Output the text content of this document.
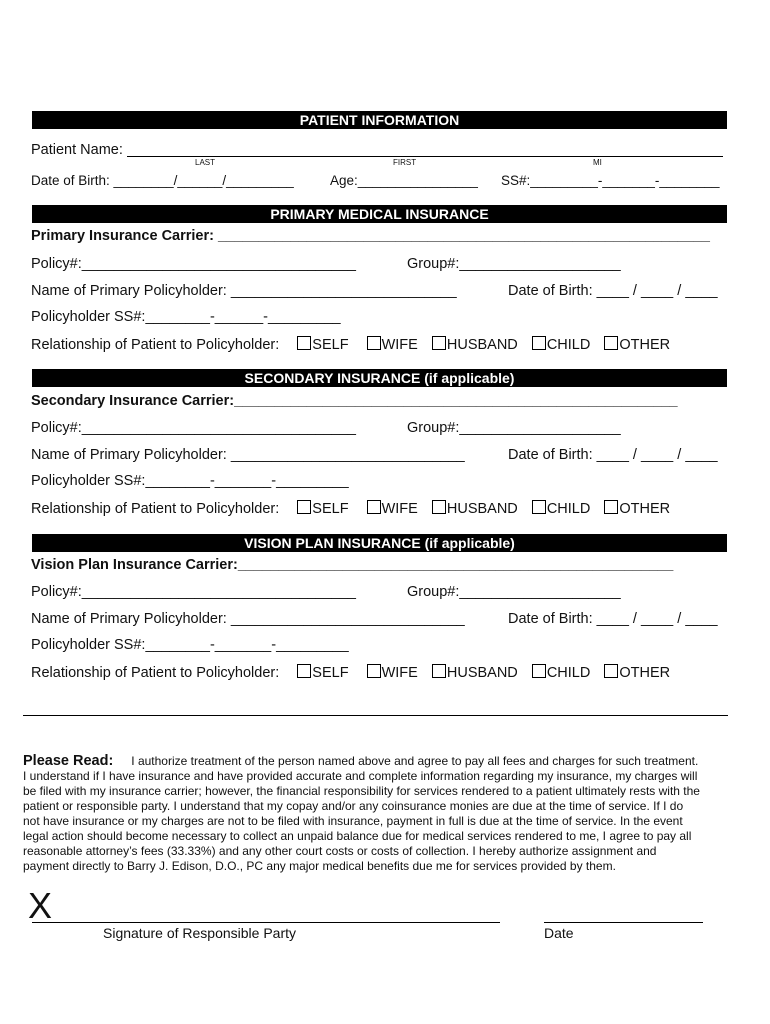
PATIENT INFORMATION
Patient Name:
LAST	FIRST	MI
Date of Birth: ________/______/_________	Age:________________ SS#:_________-_______-________
PRIMARY MEDICAL INSURANCE
Primary Insurance Carrier: _____________________________________________________________
Policy#:__________________________________	Group#:____________________
Name of Primary Policyholder: ____________________________	Date of Birth: ____ / ____ / ____
Policyholder SS#:________-______-_________
Relationship of Patient to Policyholder: SELF WIFE HUSBAND CHILD OTHER
SECONDARY INSURANCE (if applicable)
Secondary Insurance Carrier:_______________________________________________________
Policy#:__________________________________	Group#:____________________
Name of Primary Policyholder: _____________________________	Date of Birth: ____ / ____ / ____
Policyholder SS#:________-_______-_________
Relationship of Patient to Policyholder: SELF WIFE HUSBAND CHILD OTHER
VISION PLAN INSURANCE (if applicable)
Vision Plan Insurance Carrier:______________________________________________________
Policy#:__________________________________	Group#:____________________
Name of Primary Policyholder: _____________________________	Date of Birth: ____ / ____ / ____
Policyholder SS#:________-_______-_________
Relationship of Patient to Policyholder: SELF WIFE HUSBAND CHILD OTHER
Please Read: I authorize treatment of the person named above and agree to pay all fees and charges for such treatment.
I understand if I have insurance and have provided accurate and complete information regarding my insurance, my charges will
be filed with my insurance carrier; however, the financial responsibility for services rendered to a patient ultimately rests with the
patient or responsible party. I understand that my copay and/or any coinsurance monies are due at the time of service. If I do
not have insurance or my charges are not to be filed with insurance, payment in full is due at the time of service. In the event
legal action should become necessary to collect an unpaid balance due for medical services rendered to me, I agree to pay all
reasonable attorney’s fees (33.33%) and any other court costs or costs of collection. I hereby authorize assignment and
payment directly to Barry J. Edison, D.O., PC any major medical benefits due me for services provided by them.
X
Signature of Responsible Party	Date
